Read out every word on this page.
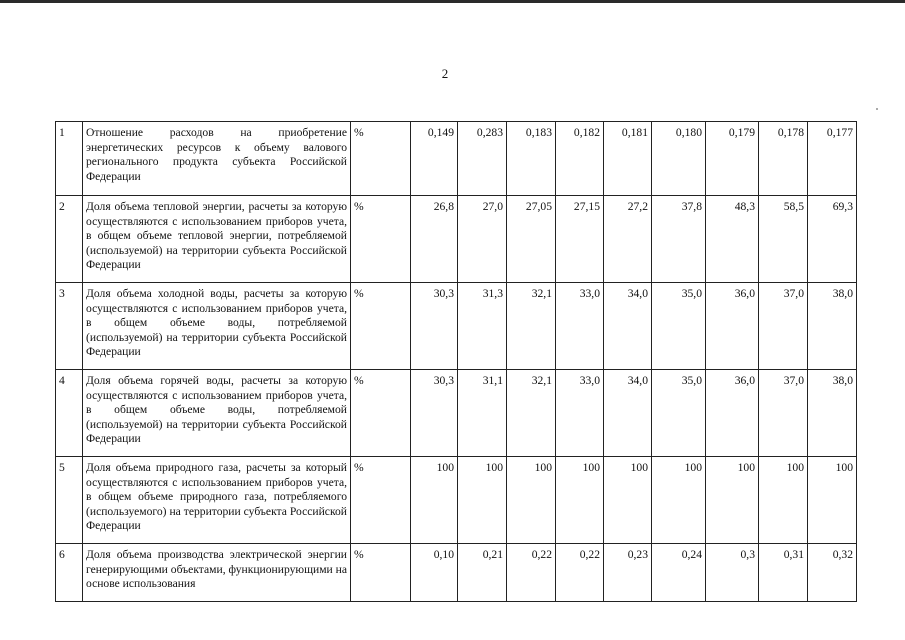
2
1	Отношение расходов на приобретение энергетических ресурсов к объему валового регионального продукта субъекта Российской Федерации	%	0,149	0,283	0,183	0,182	0,181	0,180	0,179	0,178	0,177
2	Доля объема тепловой энергии, расчеты за которую осуществляются с использованием приборов учета, в общем объеме тепловой энергии, потребляемой (используемой) на территории субъекта Российской Федерации	%	26,8	27,0	27,05	27,15	27,2	37,8	48,3	58,5	69,3
3	Доля объема холодной воды, расчеты за которую осуществляются с использованием приборов учета, в общем объеме воды, потребляемой (используемой) на территории субъекта Российской Федерации	%	30,3	31,3	32,1	33,0	34,0	35,0	36,0	37,0	38,0
4	Доля объема горячей воды, расчеты за которую осуществляются с использованием приборов учета, в общем объеме воды, потребляемой (используемой) на территории субъекта Российской Федерации	%	30,3	31,1	32,1	33,0	34,0	35,0	36,0	37,0	38,0
5	Доля объема природного газа, расчеты за который осуществляются с использованием приборов учета, в общем объеме природного газа, потребляемого (используемого) на территории субъекта Российской Федерации	%	100	100	100	100	100	100	100	100	100
6	Доля объема производства электрической энергии генерирующими объектами, функционирующими на основе использования	%	0,10	0,21	0,22	0,22	0,23	0,24	0,3	0,31	0,32
